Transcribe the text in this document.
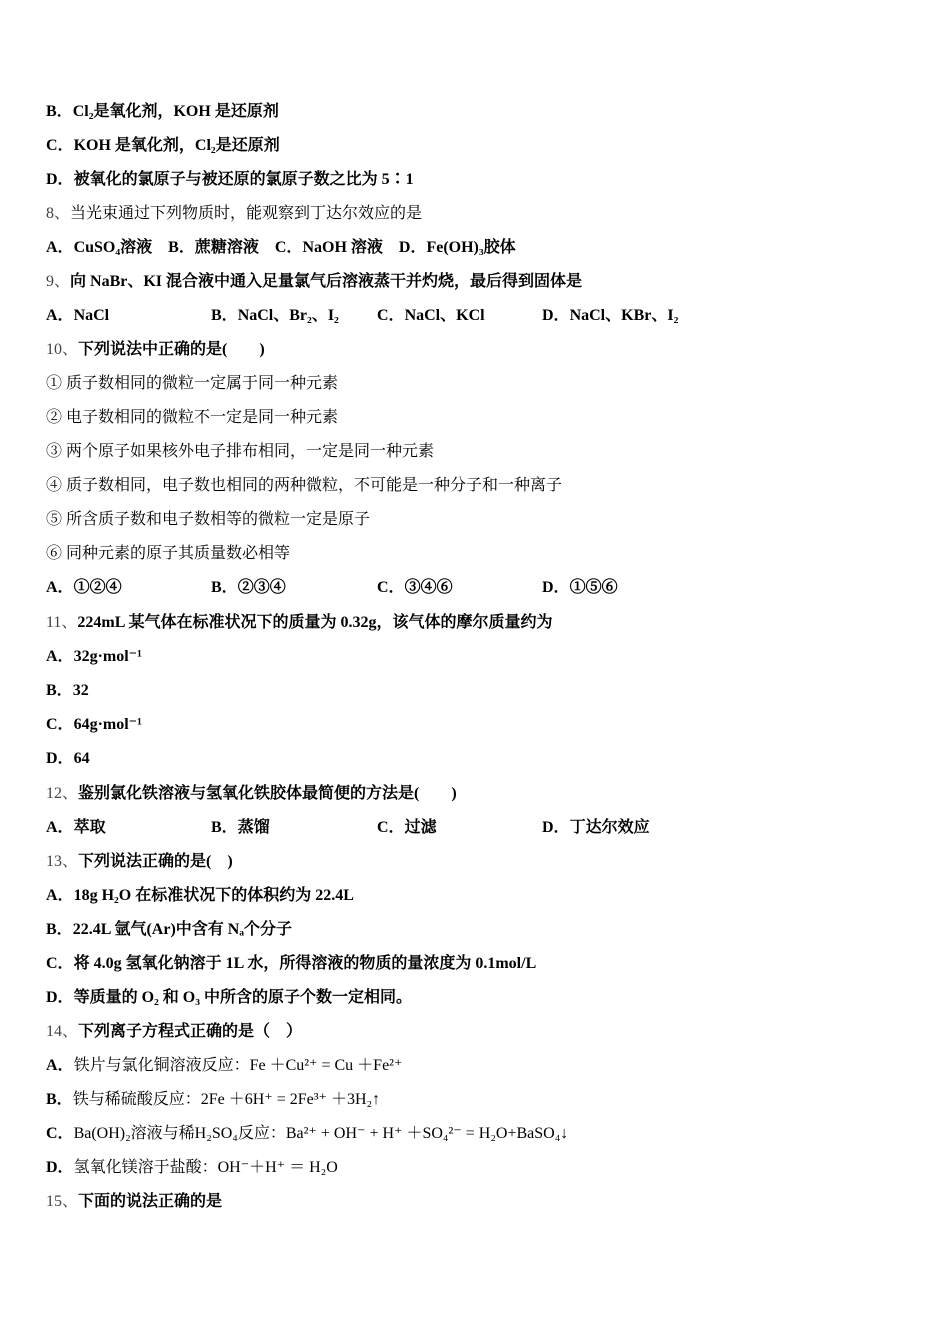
B．Cl₂是氧化剂，KOH 是还原剂
C．KOH 是氧化剂，Cl₂是还原剂
D．被氧化的氯原子与被还原的氯原子数之比为 5∶1
8、当光束通过下列物质时，能观察到丁达尔效应的是
A．CuSO₄溶液 B．蔗糖溶液 C．NaOH 溶液 D．Fe(OH)₃胶体
9、向 NaBr、KI 混合液中通入足量氯气后溶液蒸干并灼烧，最后得到固体是
A．NaCl	B．NaCl、Br₂、I₂ C．NaCl、KCl	D．NaCl、KBr、I₂
10、下列说法中正确的是(　　)
① 质子数相同的微粒一定属于同一种元素
② 电子数相同的微粒不一定是同一种元素
③ 两个原子如果核外电子排布相同，一定是同一种元素
④ 质子数相同，电子数也相同的两种微粒，不可能是一种分子和一种离子
⑤ 所含质子数和电子数相等的微粒一定是原子
⑥ 同种元素的原子其质量数必相等
A．①②④	B．②③④	C．③④⑥	D．①⑤⑥
11、224mL 某气体在标准状况下的质量为 0.32g，该气体的摩尔质量约为
A．32g·mol⁻¹
B．32
C．64g·mol⁻¹
D．64
12、鉴别氯化铁溶液与氢氧化铁胶体最简便的方法是(　　)
A．萃取	B．蒸馏	C．过滤	D．丁达尔效应
13、下列说法正确的是(　)
A．18g H₂O 在标准状况下的体积约为 22.4L
B．22.4L 氩气(Ar)中含有 Nₐ个分子
C．将 4.0g 氢氧化钠溶于 1L 水，所得溶液的物质的量浓度为 0.1mol/L
D．等质量的 O₂ 和 O₃ 中所含的原子个数一定相同。
14、下列离子方程式正确的是（　）
A．铁片与氯化铜溶液反应：Fe ＋Cu²⁺ = Cu ＋Fe²⁺
B．铁与稀硫酸反应：2Fe ＋6H⁺ = 2Fe³⁺ ＋3H₂↑
C．Ba(OH)₂溶液与稀H₂SO₄反应：Ba²⁺ + OH⁻ + H⁺ ＋SO₄²⁻ = H₂O+BaSO₄↓
D．氢氧化镁溶于盐酸：OH⁻＋H⁺ ＝ H₂O
15、下面的说法正确的是
